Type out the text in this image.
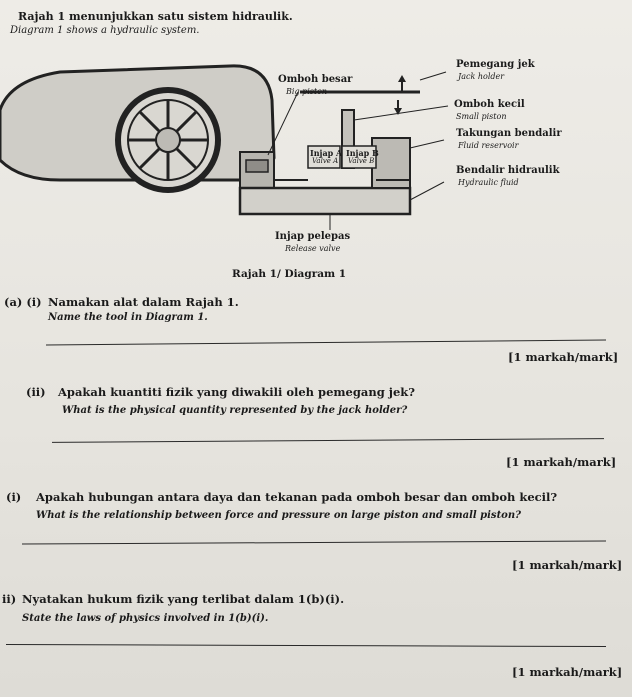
Rajah 1 menunjukkan satu sistem hidraulik.
Diagram 1 shows a hydraulic system.
Omboh besar
Big piston
Pemegang jek
Jack holder
Omboh kecil
Small piston
Takungan bendalir
Fluid reservoir
Bendalir hidraulik
Hydraulic fluid
Injap A
Valve A
Injap B
Valve B
Injap pelepas
Release valve
Rajah 1/ Diagram 1
(a) (i) Namakan alat dalam Rajah 1.
Name the tool in Diagram 1.
[1 markah/mark]
(ii) Apakah kuantiti fizik yang diwakili oleh pemegang jek?
What is the physical quantity represented by the jack holder?
[1 markah/mark]
(i) Apakah hubungan antara daya dan tekanan pada omboh besar dan omboh kecil?
What is the relationship between force and pressure on large piston and small piston?
[1 markah/mark]
ii) Nyatakan hukum fizik yang terlibat dalam 1(b)(i).
State the laws of physics involved in 1(b)(i).
[1 markah/mark]
